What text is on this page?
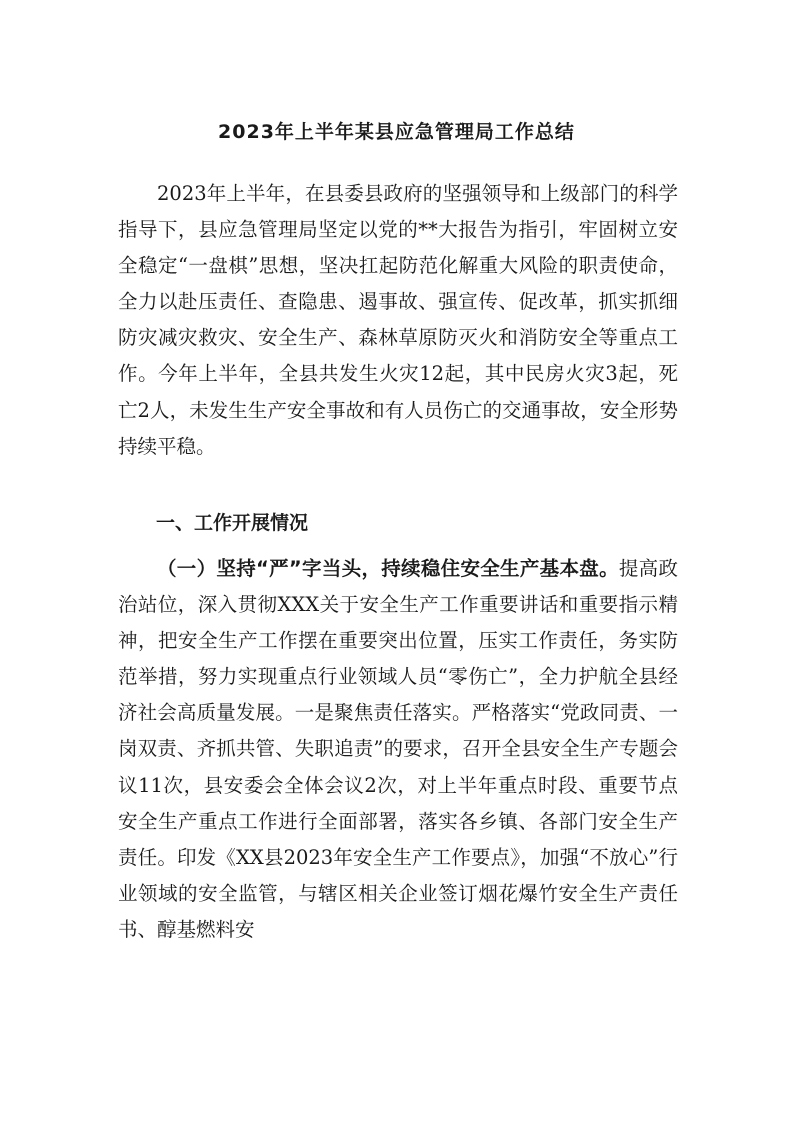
2023年上半年某县应急管理局工作总结

2023年上半年，在县委县政府的坚强领导和上级部门的科学指导下，县应急管理局坚定以党的**大报告为指引，牢固树立安全稳定“一盘棋”思想，坚决扛起防范化解重大风险的职责使命，全力以赴压责任、查隐患、遏事故、强宣传、促改革，抓实抓细防灾减灾救灾、安全生产、森林草原防灭火和消防安全等重点工作。今年上半年，全县共发生火灾12起，其中民房火灾3起，死亡2人，未发生生产安全事故和有人员伤亡的交通事故，安全形势持续平稳。

一、工作开展情况

（一）坚持“严”字当头，持续稳住安全生产基本盘。提高政治站位，深入贯彻XXX关于安全生产工作重要讲话和重要指示精神，把安全生产工作摆在重要突出位置，压实工作责任，务实防范举措，努力实现重点行业领域人员“零伤亡”，全力护航全县经济社会高质量发展。一是聚焦责任落实。严格落实“党政同责、一岗双责、齐抓共管、失职追责”的要求，召开全县安全生产专题会议11次，县安委会全体会议2次，对上半年重点时段、重要节点安全生产重点工作进行全面部署，落实各乡镇、各部门安全生产责任。印发《XX县2023年安全生产工作要点》，加强“不放心”行业领域的安全监管，与辖区相关企业签订烟花爆竹安全生产责任书、醇基燃料安
